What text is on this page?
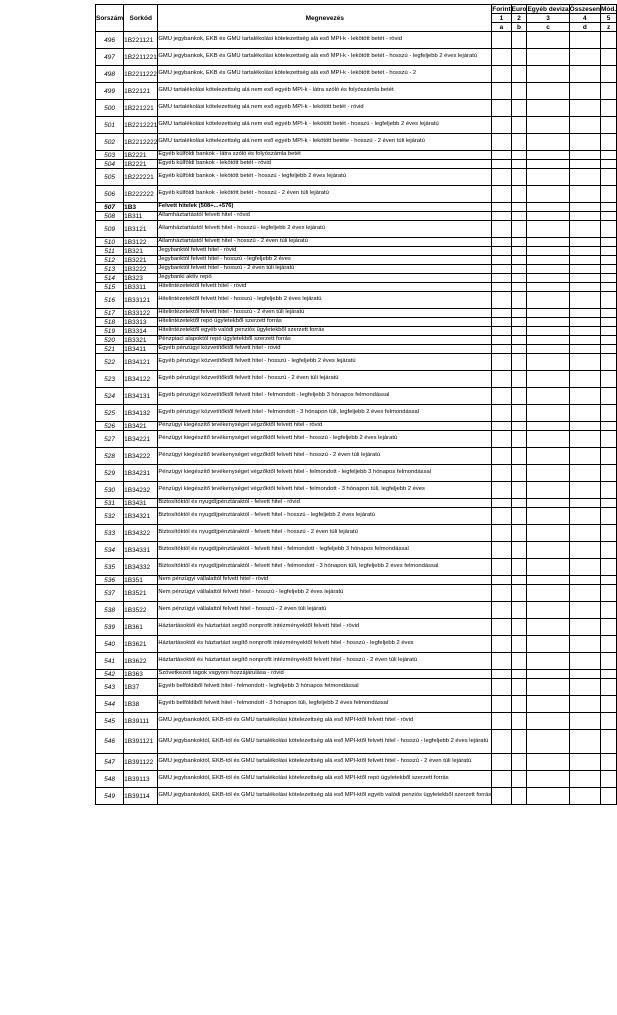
Sorszám	Sorkód	Megnevezés	Forint	Euro	Egyéb deviza	Összesen	Mód.
			1	2	3	4	5
			a	b	c	d	z
496	1B221121	GMU jegybankok, EKB és GMU tartalékolási kötelezettség alá eső MPI-k - lekötött betét - rövid					
497	1B2211221	GMU jegybankok, EKB és GMU tartalékolási kötelezettség alá eső MPI-k - lekötött betét - hosszú - legfeljebb 2 éves lejáratú					
498	1B2211222	GMU jegybankok, EKB és GMU tartalékolási kötelezettség alá eső MPI-k - lekötött betét - hosszú - 2					
499	1B22121	GMU tartalékolási kötelezettség alá nem eső egyéb MPI-k - látra szóló és folyószámla betét					
500	1B221221	GMU tartalékolási kötelezettség alá nem eső egyéb MPI-k - lekötött betét - rövid					
501	1B2212221	GMU tartalékolási kötelezettség alá nem eső egyéb MPI-k - lekötött betét - hosszú - legfeljebb 2 éves lejáratú					
502	1B2212222	GMU tartalékolási kötelezettség alá nem eső egyéb MPI-k - lekötött betéte - hosszú - 2 éven túli lejáratú					
503	1B2221	Egyéb külföldi bankok - látra szóló és folyószámla betét					
504	1B2221	Egyéb külföldi bankok - lekötött betét - rövid					
505	1B222221	Egyéb külföldi bankok - lekötött betét - hosszú - legfeljebb 2 éves lejáratú					
506	1B222222	Egyéb külföldi bankok - lekötött betét - hosszú - 2 éven túli lejáratú					
507	1B3	Felvett hitelek (508+...+576)					
508	1B311	Államháztartástól felvett hitel - rövid					
509	1B3121	Államháztartástól felvett hitel - hosszú - legfeljebb 2 éves lejáratú					
510	1B3122	Államháztartástól felvett hitel - hosszú - 2 éven túli lejáratú					
511	1B321	Jegybanktól felvett hitel - rövid					
512	1B3221	Jegybanktól felvett hitel - hosszú - legfeljebb 2 éves					
513	1B3222	Jegybanktól felvett hitel - hosszú - 2 éven túli lejáratú					
514	1B323	Jegybanki aktív repó					
515	1B3311	Hitelintézetektől felvett hitel - rövid					
516	1B33121	Hitelintézetektől felvett hitel - hosszú - legfeljebb 2 éves lejáratú					
517	1B33122	Hitelintézetektől felvett hitel - hosszú - 2 éven túli lejáratú					
518	1B3313	Hitelintézetektől repó ügyletekből szerzett forrás					
519	1B3314	Hitelintézetektől egyéb valódi penziós ügyletekből szerzett forrás					
520	1B3321	Pénzpiaci alapoktól repó ügyletekből szerzett forrás					
521	1B3411	Egyéb pénzügyi közvetítőktől felvett hitel - rövid					
522	1B34121	Egyéb pénzügyi közvetítőktől felvett hitel - hosszú - legfeljebb 2 éves lejáratú					
523	1B34122	Egyéb pénzügyi közvetítőktől felvett hitel - hosszú - 2 éven túli lejáratú					
524	1B34131	Egyéb pénzügyi közvetítőktől felvett hitel - felmondott - legfeljebb 3 hónapos felmondással					
525	1B34132	Egyéb pénzügyi közvetítőktől felvett hitel - felmondott - 3 hónapon túli, legfeljebb 2 éves felmondással					
526	1B3421	Pénzügyi kiegészítő tevékenységet végzőktől felvett hitel - rövid					
527	1B34221	Pénzügyi kiegészítő tevékenységet végzőktől felvett hitel - hosszú - legfeljebb 2 éves lejáratú					
528	1B34222	Pénzügyi kiegészítő tevékenységet végzőktől felvett hitel - hosszú - 2 éven túli lejáratú					
529	1B34231	Pénzügyi kiegészítő tevékenységet végzőktől felvett hitel - felmondott - legfeljebb 3 hónapos felmondással					
530	1B34232	Pénzügyi kiegészítő tevékenységet végzőktől felvett hitel - felmondott - 3 hónapon túli, legfeljebb 2 éves					
531	1B3431	Biztosítóktól és nyugdíjpénztáraktól - felvett hitel - rövid					
532	1B34321	Biztosítóktól és nyugdíjpénztáraktól - felvett hitel - hosszú - legfeljebb 2 éves lejáratú					
533	1B34322	Biztosítóktól és nyugdíjpénztáraktól - felvett hitel - hosszú - 2 éven túli lejáratú					
534	1B34331	Biztosítóktól és nyugdíjpénztáraktól - felvett hitel - felmondott - legfeljebb 3 hónapos felmondással					
535	1B34332	Biztosítóktól és nyugdíjpénztáraktól - felvett hitel - felmondott - 3 hónapon túli, legfeljebb 2 éves felmondással					
536	1B351	Nem pénzügyi vállalattól felvett hitel - rövid					
537	1B3521	Nem pénzügyi vállalattól felvett hitel - hosszú - legfeljebb 2 éves lejáratú					
538	1B3522	Nem pénzügyi vállalattól felvett hitel - hosszú - 2 éven túli lejáratú					
539	1B361	Háztartásoktól és háztartást segítő nonprofit intézményektől felvett hitel - rövid					
540	1B3621	Háztartásoktól és háztartást segítő nonprofit intézményektől felvett hitel - hosszú - legfeljebb 2 éves					
541	1B3622	Háztartásoktól és háztartást segítő nonprofit intézményektől felvett hitel - hosszú - 2 éven túli lejáratú					
542	1B363	Szövetkezeti tagok vagyoni hozzájárulása - rövid					
543	1B37	Egyéb belföldiből felvett hitel - felmondott - legfeljebb 3 hónapos felmondással					
544	1B38	Egyéb belföldiből felvett hitel - felmondott - 3 hónapon túli, legfeljebb 2 éves felmondással					
545	1B39111	GMU jegybankoktól, EKB-tól és GMU tartalékolási kötelezettség alá eső MPI-ktől felvett hitel - rövid					
546	1B391121	GMU jegybankoktól, EKB-tól és GMU tartalékolási kötelezettség alá eső MPI-ktől felvett hitel - hosszú - legfeljebb 2 éves lejáratú					
547	1B391122	GMU jegybankoktól, EKB-tól és GMU tartalékolási kötelezettség alá eső MPI-ktől felvett hitel - hosszú - 2 éven túli lejáratú					
548	1B39113	GMU jegybankoktól, EKB-tól és GMU tartalékolási kötelezettség alá eső MPI-ktől repó ügyletekből szerzett forrás					
549	1B39114	GMU jegybankoktól, EKB-tól és GMU tartalékolási kötelezettség alá eső MPI-ktől egyéb valódi penziós ügyletekből szerzett forrás					
